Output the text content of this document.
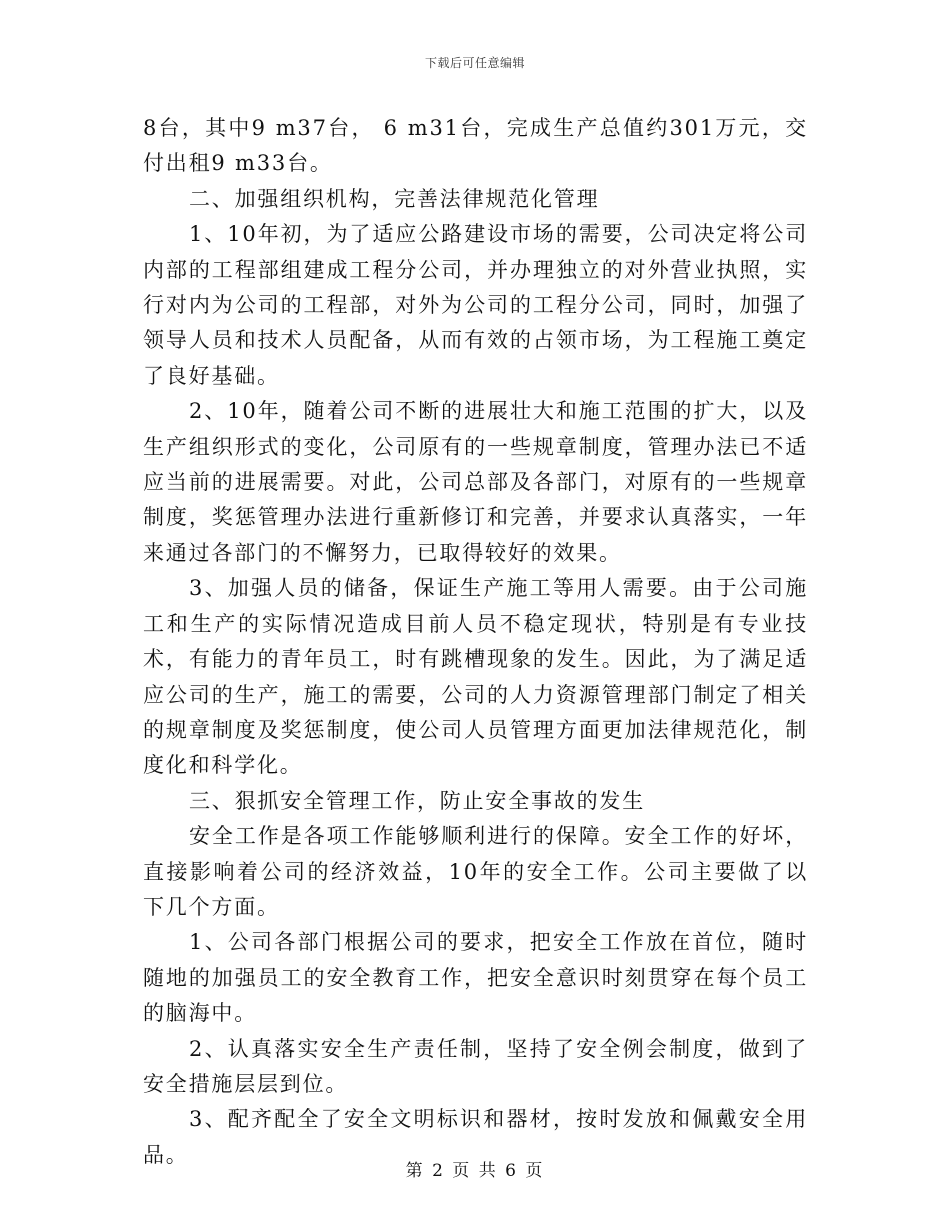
下载后可任意编辑

8台，其中9 m37台， 6 m31台，完成生产总值约301万元，交付出租9 m33台。

二、加强组织机构，完善法律规范化管理

1、10年初，为了适应公路建设市场的需要，公司决定将公司内部的工程部组建成工程分公司，并办理独立的对外营业执照，实行对内为公司的工程部，对外为公司的工程分公司，同时，加强了领导人员和技术人员配备，从而有效的占领市场，为工程施工奠定了良好基础。

2、10年，随着公司不断的进展壮大和施工范围的扩大，以及生产组织形式的变化，公司原有的一些规章制度，管理办法已不适应当前的进展需要。对此，公司总部及各部门，对原有的一些规章制度，奖惩管理办法进行重新修订和完善，并要求认真落实，一年来通过各部门的不懈努力，已取得较好的效果。

3、加强人员的储备，保证生产施工等用人需要。由于公司施工和生产的实际情况造成目前人员不稳定现状，特别是有专业技术，有能力的青年员工，时有跳槽现象的发生。因此，为了满足适应公司的生产，施工的需要，公司的人力资源管理部门制定了相关的规章制度及奖惩制度，使公司人员管理方面更加法律规范化，制度化和科学化。

三、狠抓安全管理工作，防止安全事故的发生

安全工作是各项工作能够顺利进行的保障。安全工作的好坏，直接影响着公司的经济效益，10年的安全工作。公司主要做了以下几个方面。

1、公司各部门根据公司的要求，把安全工作放在首位，随时随地的加强员工的安全教育工作，把安全意识时刻贯穿在每个员工的脑海中。

2、认真落实安全生产责任制，坚持了安全例会制度，做到了安全措施层层到位。

3、配齐配全了安全文明标识和器材，按时发放和佩戴安全用品。

第 2 页 共 6 页
